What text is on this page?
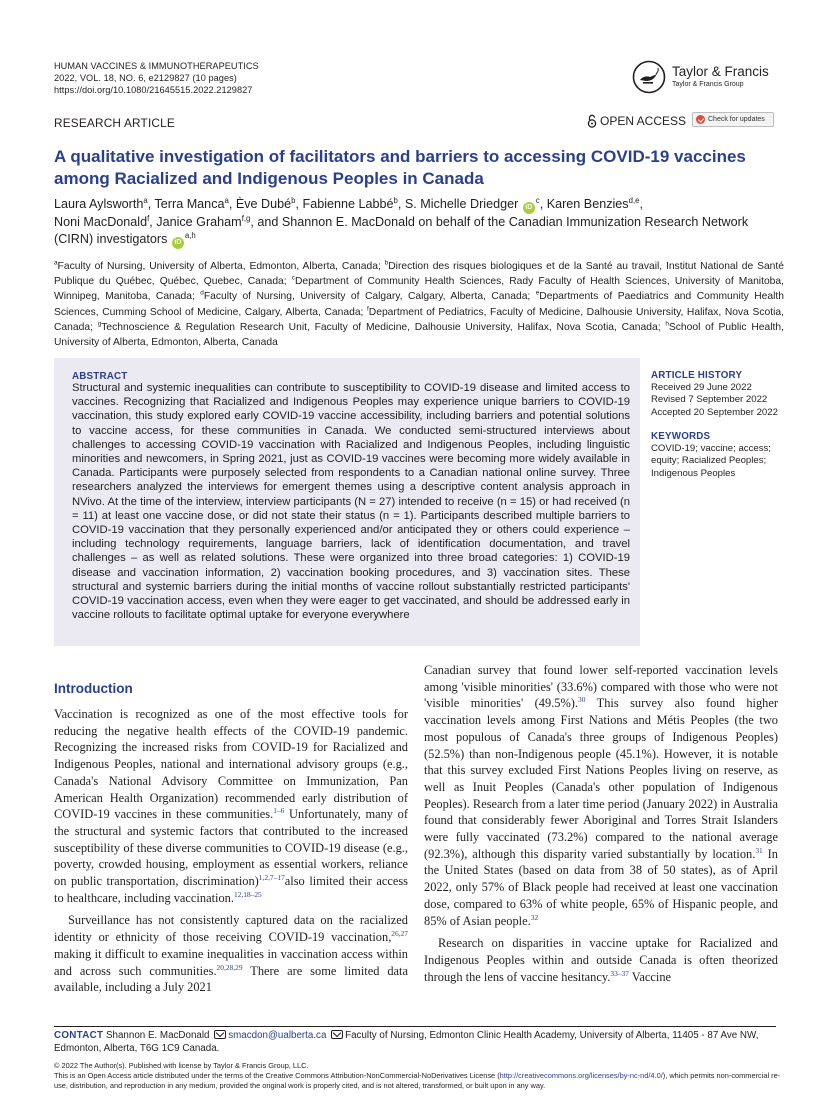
HUMAN VACCINES & IMMUNOTHERAPEUTICS
2022, VOL. 18, NO. 6, e2129827 (10 pages)
https://doi.org/10.1080/21645515.2022.2129827
Taylor & Francis
Taylor & Francis Group
RESEARCH ARTICLE	OPEN ACCESS	Check for updates
A qualitative investigation of facilitators and barriers to accessing COVID-19 vaccines among Racialized and Indigenous Peoples in Canada
Laura Aylsworth$^a$, Terra Manca$^a$, Ève Dubé$^b$, Fabienne Labbé$^b$, S. Michelle Driedger $iD^c$, Karen Benzies$^{d,e}$,
Noni MacDonald$^f$, Janice Graham$^{f,g}$, and Shannon E. MacDonald on behalf of the Canadian Immunization Research Network (CIRN) investigators iD$^{a,h}$
$^a$Faculty of Nursing, University of Alberta, Edmonton, Alberta, Canada; $^b$Direction des risques biologiques et de la Santé au travail, Institut National de Santé Publique du Québec, Québec, Quebec, Canada; $^c$Department of Community Health Sciences, Rady Faculty of Health Sciences, University of Manitoba, Winnipeg, Manitoba, Canada; $^d$Faculty of Nursing, University of Calgary, Calgary, Alberta, Canada; $^e$Departments of Paediatrics and Community Health Sciences, Cumming School of Medicine, Calgary, Alberta, Canada; $^f$Department of Pediatrics, Faculty of Medicine, Dalhousie University, Halifax, Nova Scotia, Canada; $^g$Technoscience & Regulation Research Unit, Faculty of Medicine, Dalhousie University, Halifax, Nova Scotia, Canada; $^h$School of Public Health, University of Alberta, Edmonton, Alberta, Canada
ABSTRACT
Structural and systemic inequalities can contribute to susceptibility to COVID-19 disease and limited access to vaccines. Recognizing that Racialized and Indigenous Peoples may experience unique barriers to COVID-19 vaccination, this study explored early COVID-19 vaccine accessibility, including barriers and potential solutions to vaccine access, for these communities in Canada. We conducted semi-structured interviews about challenges to accessing COVID-19 vaccination with Racialized and Indigenous Peoples, including linguistic minorities and newcomers, in Spring 2021, just as COVID-19 vaccines were becoming more widely available in Canada. Participants were purposely selected from respondents to a Canadian national online survey. Three researchers analyzed the interviews for emergent themes using a descriptive content analysis approach in NVivo. At the time of the interview, interview participants (N = 27) intended to receive (n = 15) or had received (n = 11) at least one vaccine dose, or did not state their status (n = 1). Participants described multiple barriers to COVID-19 vaccination that they personally experienced and/or anticipated they or others could experience – including technology requirements, language barriers, lack of identification documentation, and travel challenges – as well as related solutions. These were organized into three broad categories: 1) COVID-19 disease and vaccination information, 2) vaccination booking procedures, and 3) vaccination sites. These structural and systemic barriers during the initial months of vaccine rollout substantially restricted participants' COVID-19 vaccination access, even when they were eager to get vaccinated, and should be addressed early in vaccine rollouts to facilitate optimal uptake for everyone everywhere
ARTICLE HISTORY
Received 29 June 2022
Revised 7 September 2022
Accepted 20 September 2022
KEYWORDS
COVID-19; vaccine; access; equity; Racialized Peoples; Indigenous Peoples
Introduction

Vaccination is recognized as one of the most effective tools for reducing the negative health effects of the COVID-19 pandemic. Recognizing the increased risks from COVID-19 for Racialized and Indigenous Peoples, national and international advisory groups (e.g., Canada's National Advisory Committee on Immunization, Pan American Health Organization) recommended early distribution of COVID-19 vaccines in these communities.$^{1-6}$ Unfortunately, many of the structural and systemic factors that contributed to the increased susceptibility of these diverse communities to COVID-19 disease (e.g., poverty, crowded housing, employment as essential workers, reliance on public transportation, discrimination)$^{1,2,7-17}$also limited their access to healthcare, including vaccination.$^{12,18-25}$

Surveillance has not consistently captured data on the racialized identity or ethnicity of those receiving COVID-19 vaccination,$^{26,27}$ making it difficult to examine inequalities in vaccination access within and across such communities.$^{20,28,29}$ There are some limited data available, including a July 2021

Canadian survey that found lower self-reported vaccination levels among 'visible minorities' (33.6%) compared with those who were not 'visible minorities' (49.5%).$^{30}$ This survey also found higher vaccination levels among First Nations and Métis Peoples (the two most populous of Canada's three groups of Indigenous Peoples) (52.5%) than non-Indigenous people (45.1%). However, it is notable that this survey excluded First Nations Peoples living on reserve, as well as Inuit Peoples (Canada's other population of Indigenous Peoples). Research from a later time period (January 2022) in Australia found that considerably fewer Aboriginal and Torres Strait Islanders were fully vaccinated (73.2%) compared to the national average (92.3%), although this disparity varied substantially by location.$^{31}$ In the United States (based on data from 38 of 50 states), as of April 2022, only 57% of Black people had received at least one vaccination dose, compared to 63% of white people, 65% of Hispanic people, and 85% of Asian people.$^{32}$

Research on disparities in vaccine uptake for Racialized and Indigenous Peoples within and outside Canada is often theorized through the lens of vaccine hesitancy.$^{33-37}$ Vaccine

CONTACT Shannon E. MacDonald smacdon@ualberta.ca Faculty of Nursing, Edmonton Clinic Health Academy, University of Alberta, 11405 - 87 Ave NW, Edmonton, Alberta, T6G 1C9 Canada.
© 2022 The Author(s). Published with license by Taylor & Francis Group, LLC.
This is an Open Access article distributed under the terms of the Creative Commons Attribution-NonCommercial-NoDerivatives License (http://creativecommons.org/licenses/by-nc-nd/4.0/), which permits non-commercial re-use, distribution, and reproduction in any medium, provided the original work is properly cited, and is not altered, transformed, or built upon in any way.
